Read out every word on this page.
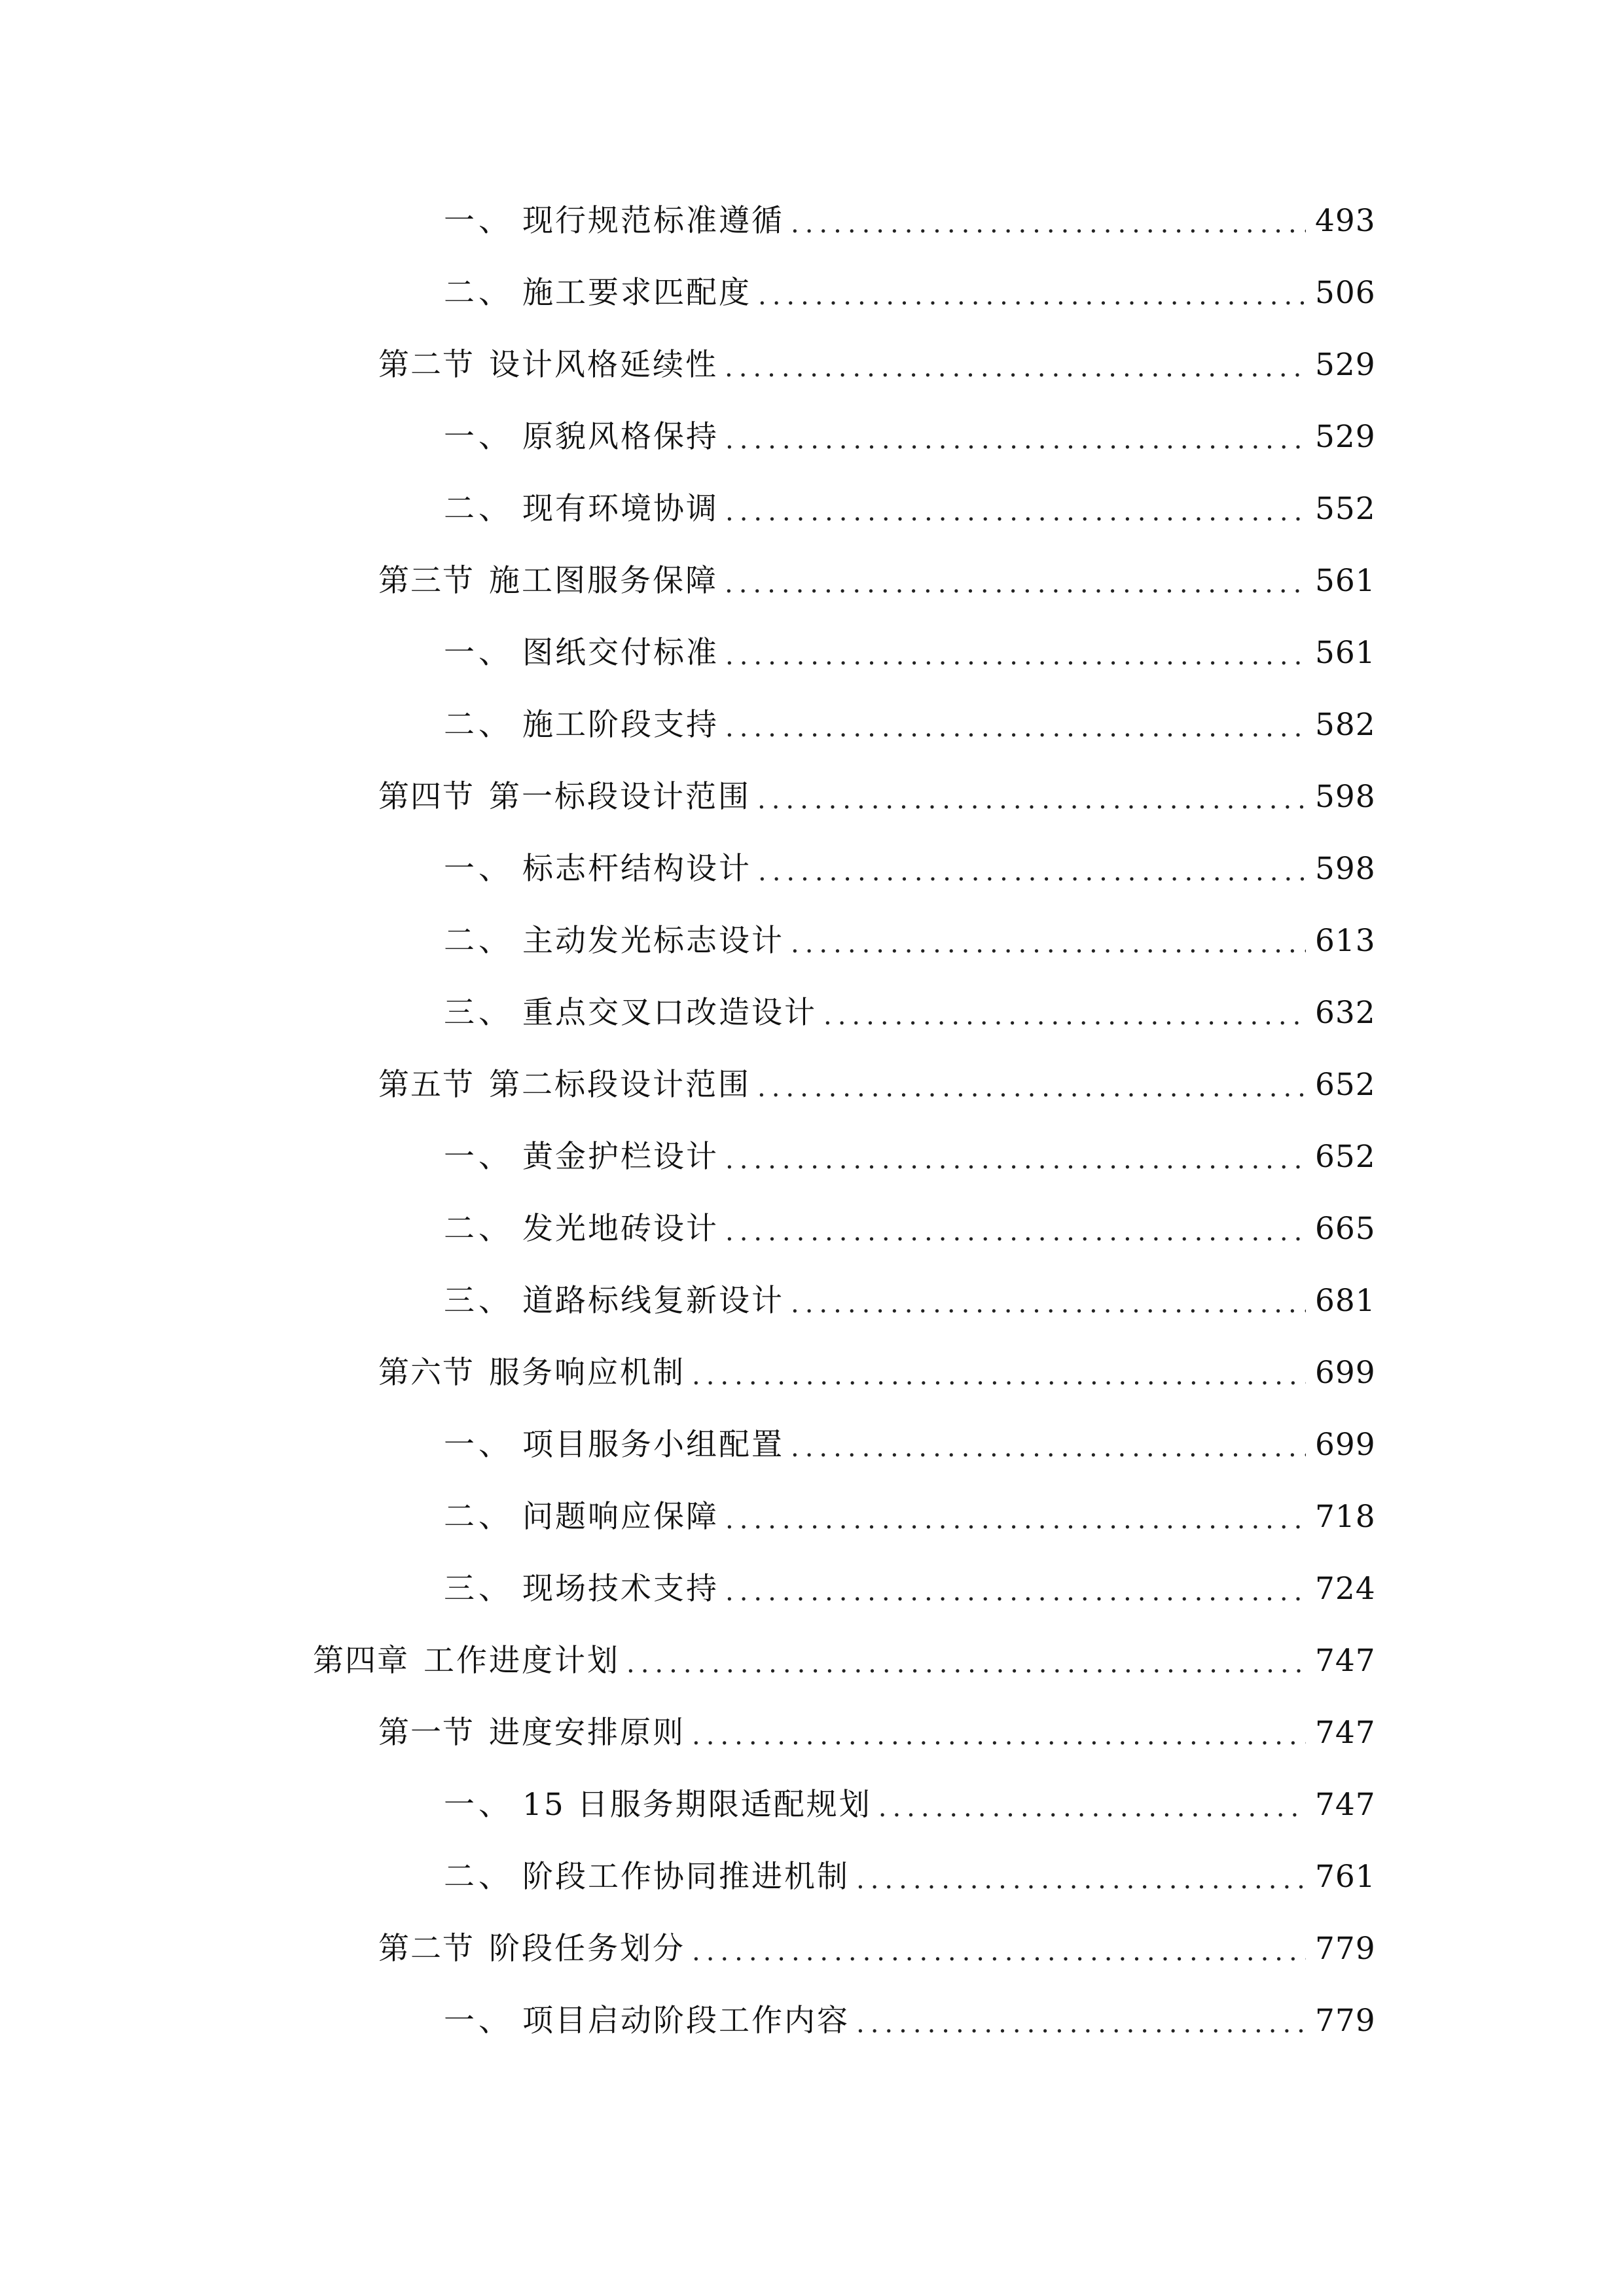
一、 现行规范标准遵循 .....	493
二、 施工要求匹配度 .....	506
第二节 设计风格延续性 .....	529
一、 原貌风格保持 .....	529
二、 现有环境协调 .....	552
第三节 施工图服务保障 .....	561
一、 图纸交付标准 .....	561
二、 施工阶段支持 .....	582
第四节 第一标段设计范围 .....	598
一、 标志杆结构设计 .....	598
二、 主动发光标志设计 .....	613
三、 重点交叉口改造设计 .....	632
第五节 第二标段设计范围 .....	652
一、 黄金护栏设计 .....	652
二、 发光地砖设计 .....	665
三、 道路标线复新设计 .....	681
第六节 服务响应机制 .....	699
一、 项目服务小组配置 .....	699
二、 问题响应保障 .....	718
三、 现场技术支持 .....	724
第四章 工作进度计划 .....	747
第一节 进度安排原则 .....	747
一、 15 日服务期限适配规划 .....	747
二、 阶段工作协同推进机制 .....	761
第二节 阶段任务划分 .....	779
一、 项目启动阶段工作内容 .....	779
